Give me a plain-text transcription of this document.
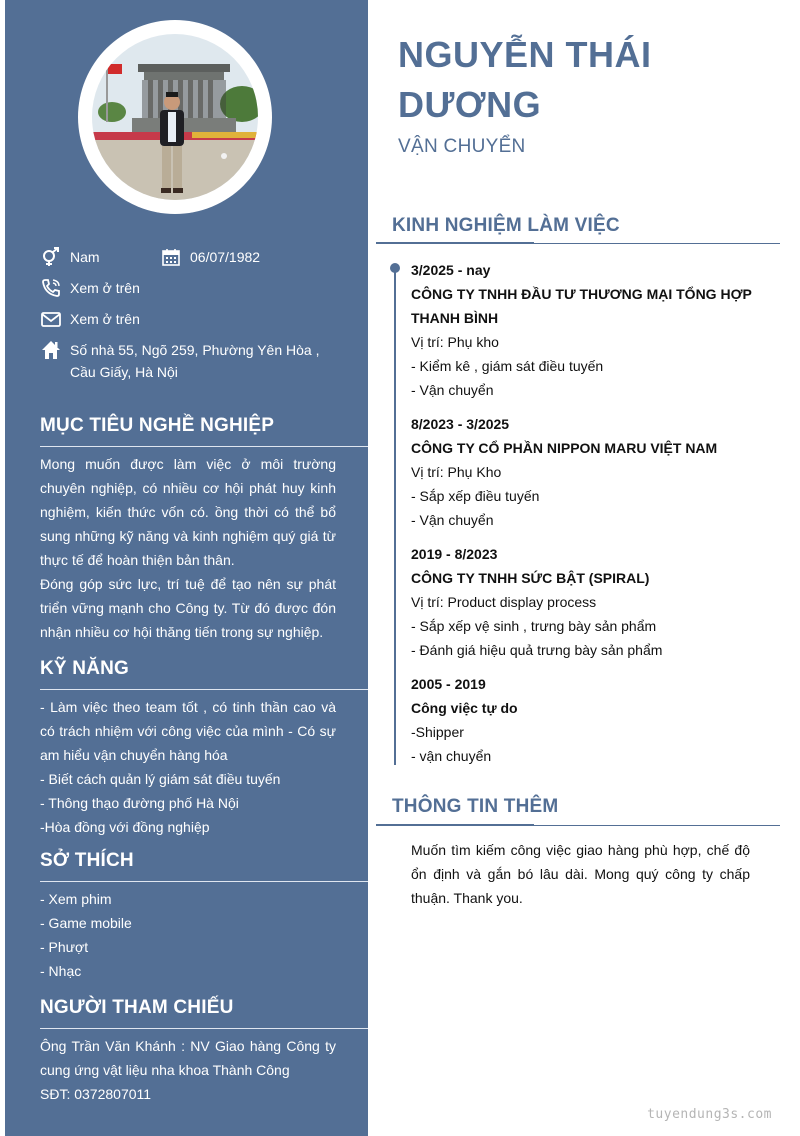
Nam	06/07/1982
Xem ở trên
Xem ở trên
Số nhà 55, Ngõ 259, Phường Yên Hòa , Cầu Giấy, Hà Nội
MỤC TIÊU NGHỀ NGHIỆP
Mong muốn được làm việc ở môi trường chuyên nghiệp, có nhiều cơ hội phát huy kinh nghiệm, kiến thức vốn có. ồng thời có thể bổ sung những kỹ năng và kinh nghiệm quý giá từ thực tế để hoàn thiện bản thân.
Đóng góp sức lực, trí tuệ để tạo nên sự phát triển vững mạnh cho Công ty. Từ đó được đón nhận nhiều cơ hội thăng tiến trong sự nghiệp.
KỸ NĂNG
- Làm việc theo team tốt , có tinh thần cao và có trách nhiệm với công việc của mình - Có sự am hiểu vận chuyển hàng hóa
- Biết cách quản lý giám sát điều tuyến
- Thông thạo đường phố Hà Nội
-Hòa đồng với đồng nghiệp
SỞ THÍCH
- Xem phim
- Game mobile
- Phượt
- Nhạc
NGƯỜI THAM CHIẾU
Ông Trần Văn Khánh : NV Giao hàng Công ty cung ứng vật liệu nha khoa Thành Công
SĐT: 0372807011
NGUYỄN THÁI DƯƠNG
VẬN CHUYỂN
KINH NGHIỆM LÀM VIỆC
3/2025 - nay
CÔNG TY TNHH ĐẦU TƯ THƯƠNG MẠI TỔNG HỢP THANH BÌNH
Vị trí: Phụ kho
- Kiểm kê , giám sát điều tuyến
- Vận chuyển
8/2023 - 3/2025
CÔNG TY CỔ PHẦN NIPPON MARU VIỆT NAM
Vị trí: Phụ Kho
- Sắp xếp điều tuyến
- Vận chuyển
2019 - 8/2023
CÔNG TY TNHH SỨC BẬT (SPIRAL)
Vị trí: Product display process
- Sắp xếp vệ sinh , trưng bày sản phẩm
- Đánh giá hiệu quả trưng bày sản phẩm
2005 - 2019
Công việc tự do
-Shipper
- vận chuyển
THÔNG TIN THÊM
Muốn tìm kiếm công việc giao hàng phù hợp, chế độ ổn định và gắn bó lâu dài. Mong quý công ty chấp thuận. Thank you.
tuyendung3s.com
